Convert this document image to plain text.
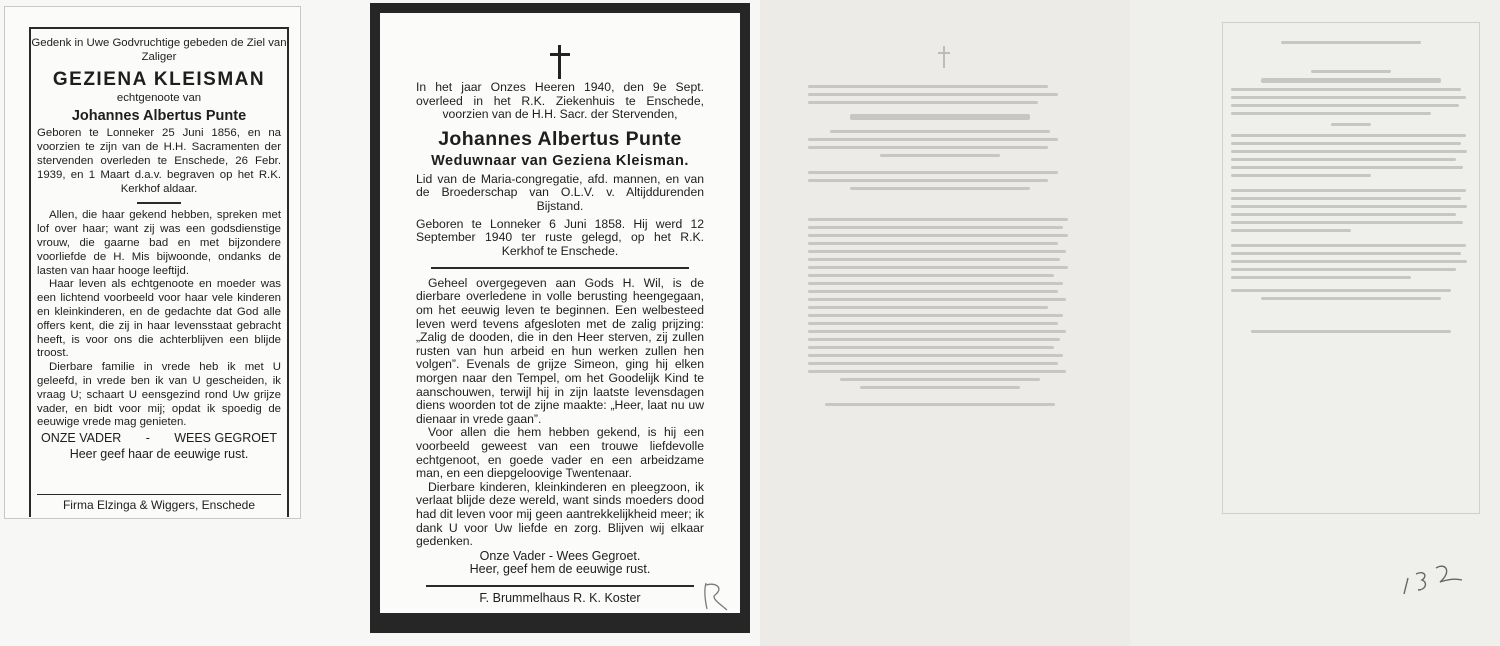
Gedenk in Uwe Godvruchtige gebeden de Ziel van Zaliger
GEZIENA KLEISMAN
echtgenoote van
Johannes Albertus Punte
Geboren te Lonneker 25 Juni 1856, en na voorzien te zijn van de H.H. Sacramenten der stervenden overleden te Enschede, 26 Febr. 1939, en 1 Maart d.a.v. begraven op het R.K. Kerkhof aldaar.
Allen, die haar gekend hebben, spreken met lof over haar; want zij was een godsdienstige vrouw, die gaarne bad en met bijzondere voorliefde de H. Mis bijwoonde, ondanks de lasten van haar hooge leeftijd.
Haar leven als echtgenoote en moeder was een lichtend voorbeeld voor haar vele kinderen en kleinkinderen, en de gedachte dat God alle offers kent, die zij in haar levensstaat gebracht heeft, is voor ons die achterblijven een blijde troost.
Dierbare familie in vrede heb ik met U geleefd, in vrede ben ik van U gescheiden, ik vraag U; schaart U eensgezind rond Uw grijze vader, en bidt voor mij; opdat ik spoedig de eeuwige vrede mag genieten.
ONZE VADER - WEES GEGROET
Heer geef haar de eeuwige rust.
Firma Elzinga & Wiggers, Enschede
In het jaar Onzes Heeren 1940, den 9e Sept. overleed in het R.K. Ziekenhuis te Enschede, voorzien van de H.H. Sacr. der Stervenden,
Johannes Albertus Punte
Weduwnaar van Geziena Kleisman.
Lid van de Maria-congregatie, afd. mannen, en van de Broederschap van O.L.V. v. Altijddurenden Bijstand.
Geboren te Lonneker 6 Juni 1858. Hij werd 12 September 1940 ter ruste gelegd, op het R.K. Kerkhof te Enschede.
Geheel overgegeven aan Gods H. Wil, is de dierbare overledene in volle berusting heengegaan, om het eeuwig leven te beginnen. Een welbesteed leven werd tevens afgesloten met de zalig prijzing: „Zalig de dooden, die in den Heer sterven, zij zullen rusten van hun arbeid en hun werken zullen hen volgen”. Evenals de grijze Simeon, ging hij elken morgen naar den Tempel, om het Goodelijk Kind te aanschouwen, terwijl hij in zijn laatste levensdagen diens woorden tot de zijne maakte: „Heer, laat nu uw dienaar in vrede gaan”.
Voor allen die hem hebben gekend, is hij een voorbeeld geweest van een trouwe liefdevolle echtgenoot, en goede vader en een arbeidzame man, en een diepgeloovige Twentenaar.
Dierbare kinderen, kleinkinderen en pleegzoon, ik verlaat blijde deze wereld, want sinds moeders dood had dit leven voor mij geen aantrekkelijkheid meer; ik dank U voor Uw liefde en zorg. Blijven wij elkaar gedenken.
Onze Vader - Wees Gegroet.
Heer, geef hem de eeuwige rust.
F. Brummelhaus R. K. Koster
